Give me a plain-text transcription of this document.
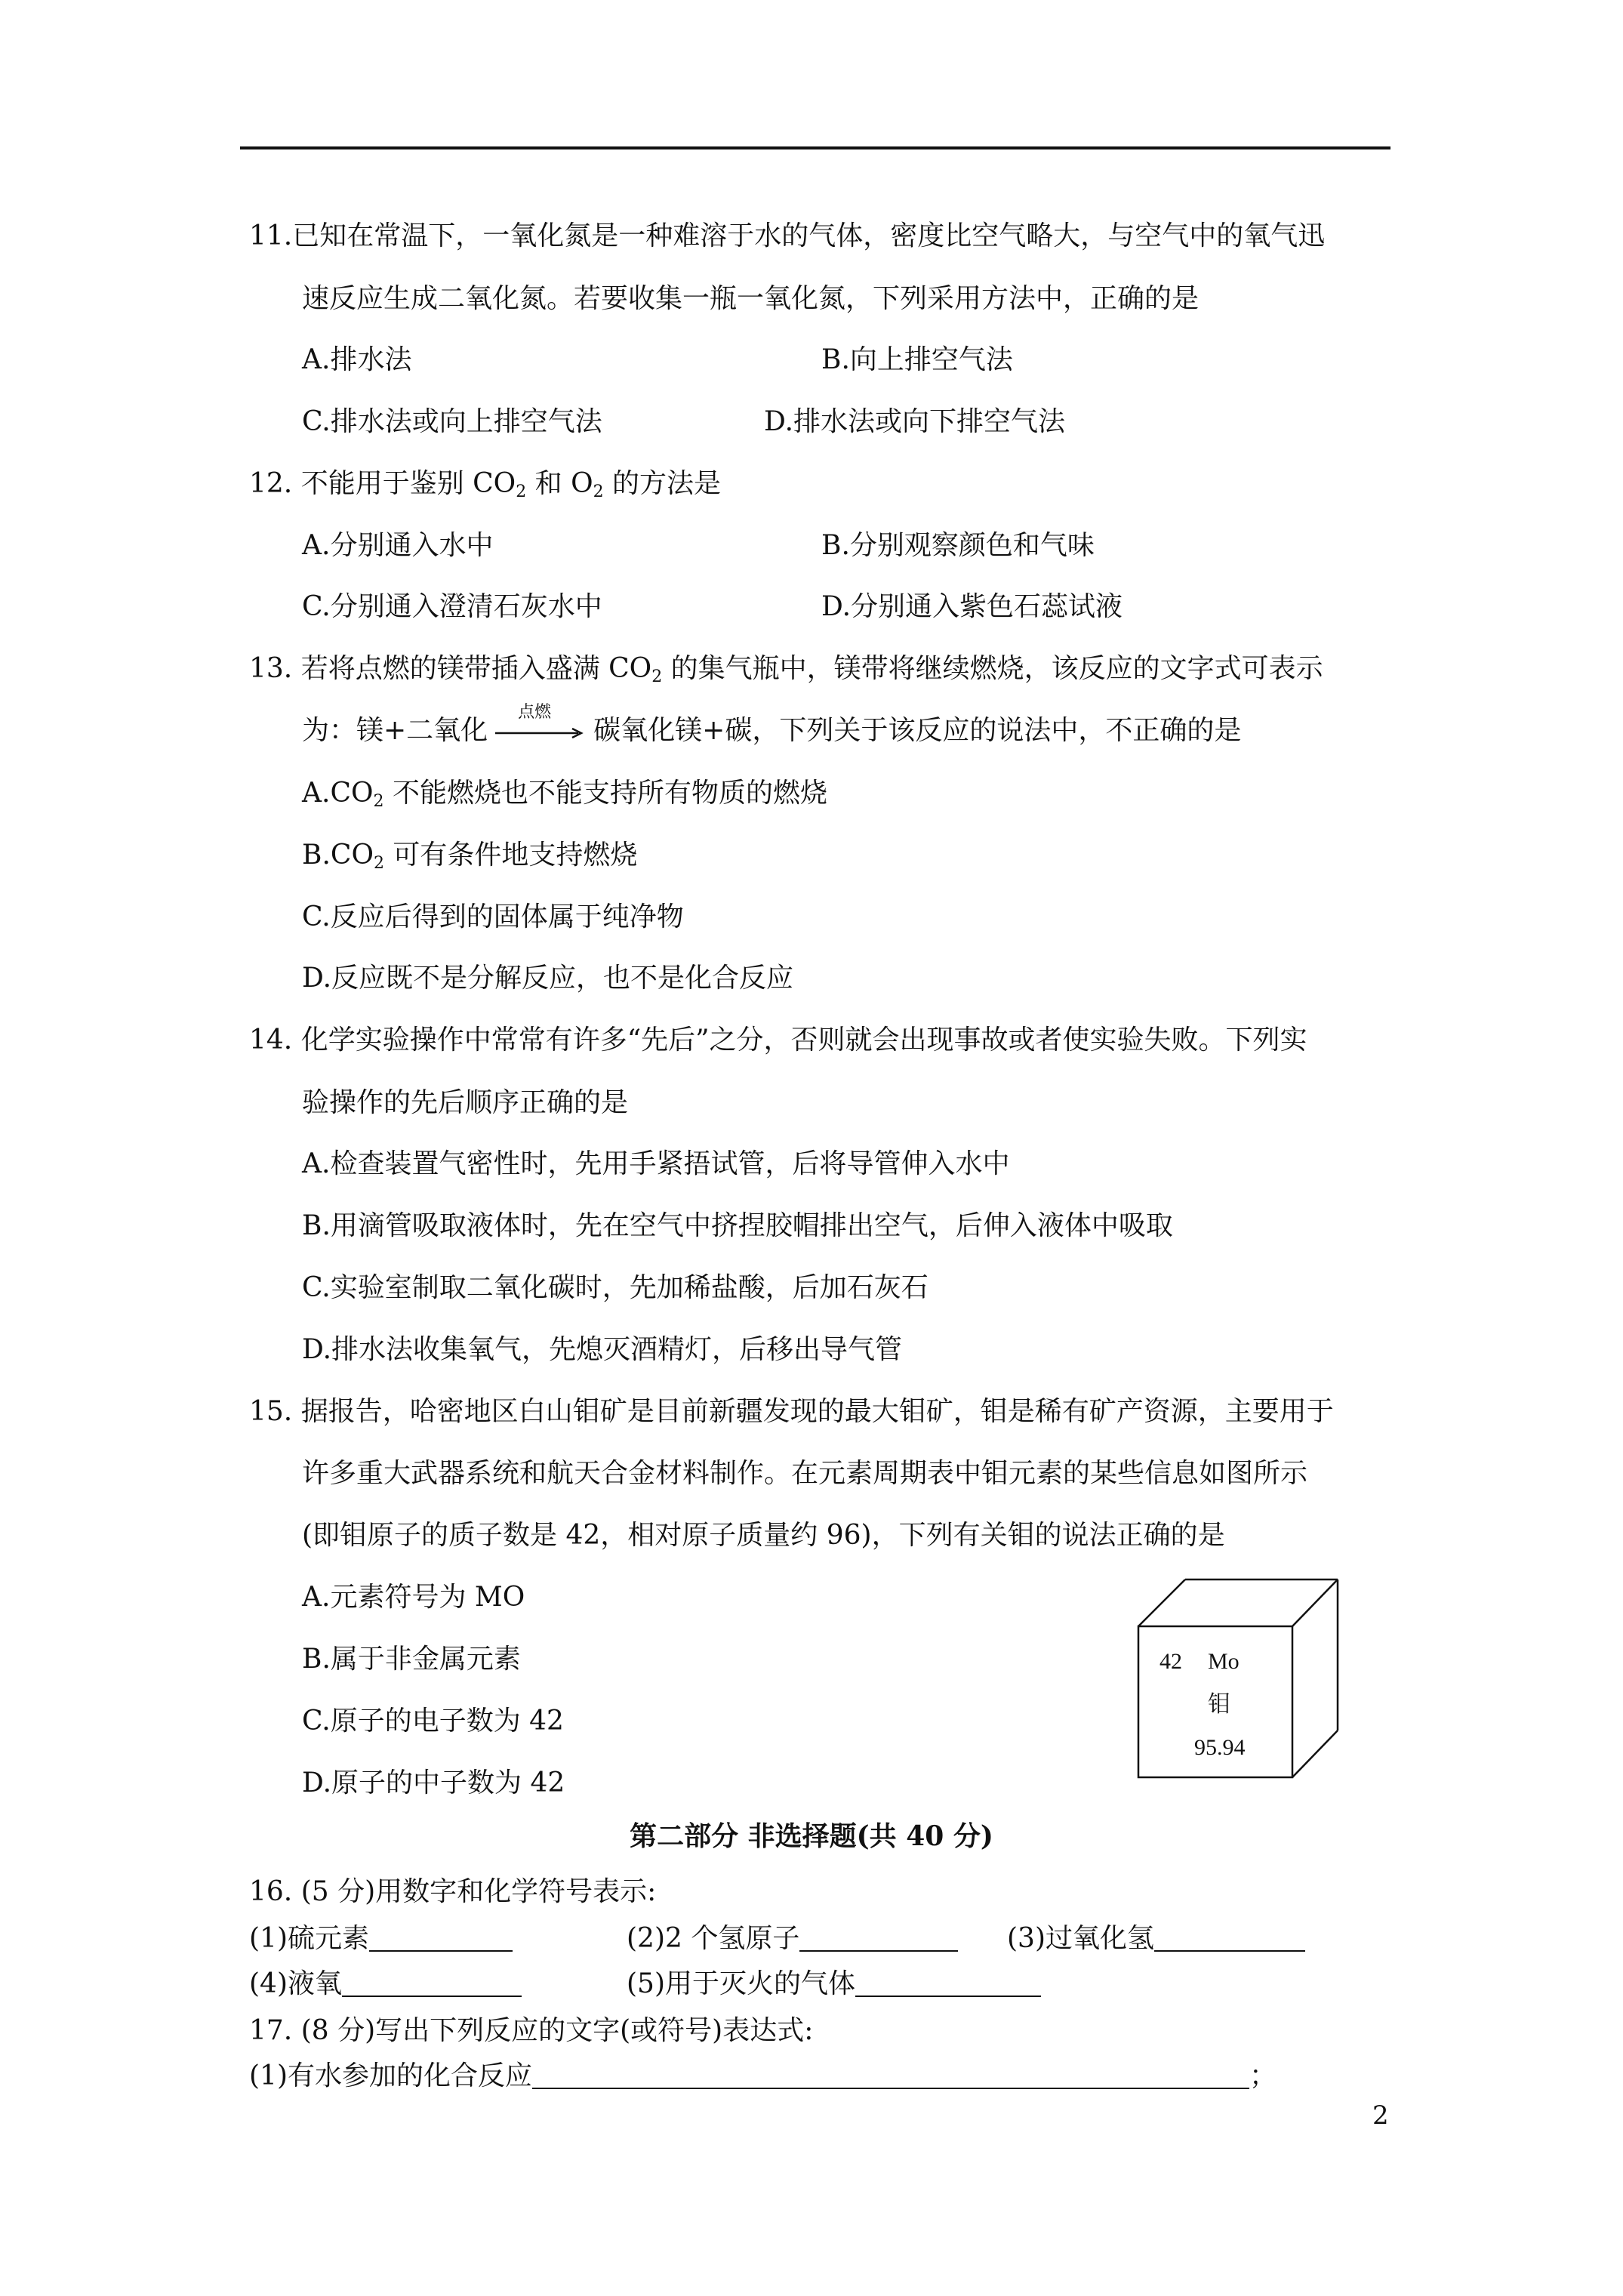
11.已知在常温下，一氧化氮是一种难溶于水的气体，密度比空气略大，与空气中的氧气迅
速反应生成二氧化氮。若要收集一瓶一氧化氮，下列采用方法中，正确的是
A.排水法	B.向上排空气法
C.排水法或向上排空气法	D.排水法或向下排空气法
12. 不能用于鉴别 $CO_2$ 和 $O_2$ 的方法是
A.分别通入水中	B.分别观察颜色和气味
C.分别通入澄清石灰水中	D.分别通入紫色石蕊试液
13. 若将点燃的镁带插入盛满 $CO_2$ 的集气瓶中，镁带将继续燃烧，该反应的文字式可表示
为：镁+二氧化
点燃
碳氧化镁+碳，下列关于该反应的说法中，不正确的是
$A.CO_2$ 不能燃烧也不能支持所有物质的燃烧
$B.CO_2$ 可有条件地支持燃烧
C.反应后得到的固体属于纯净物
D.反应既不是分解反应，也不是化合反应
14. 化学实验操作中常常有许多“先后”之分，否则就会出现事故或者使实验失败。下列实
验操作的先后顺序正确的是
A.检查装置气密性时，先用手紧捂试管，后将导管伸入水中
B.用滴管吸取液体时，先在空气中挤捏胶帽排出空气，后伸入液体中吸取
C.实验室制取二氧化碳时，先加稀盐酸，后加石灰石
D.排水法收集氧气，先熄灭酒精灯，后移出导气管
15. 据报告，哈密地区白山钼矿是目前新疆发现的最大钼矿，钼是稀有矿产资源，主要用于
许多重大武器系统和航天合金材料制作。在元素周期表中钼元素的某些信息如图所示
(即钼原子的质子数是 42，相对原子质量约 96)，下列有关钼的说法正确的是
A.元素符号为 MO
B.属于非金属元素
C.原子的电子数为 42
D.原子的中子数为 42
42 Mo
钼
95.94
第二部分 非选择题(共 40 分)
16. (5 分)用数字和化学符号表示:
(1)硫元素	(2)2 个氢原子	(3)过氧化氢
(4)液氧	(5)用于灭火的气体
17. (8 分)写出下列反应的文字(或符号)表达式:
(1)有水参加的化合反应	；
2
